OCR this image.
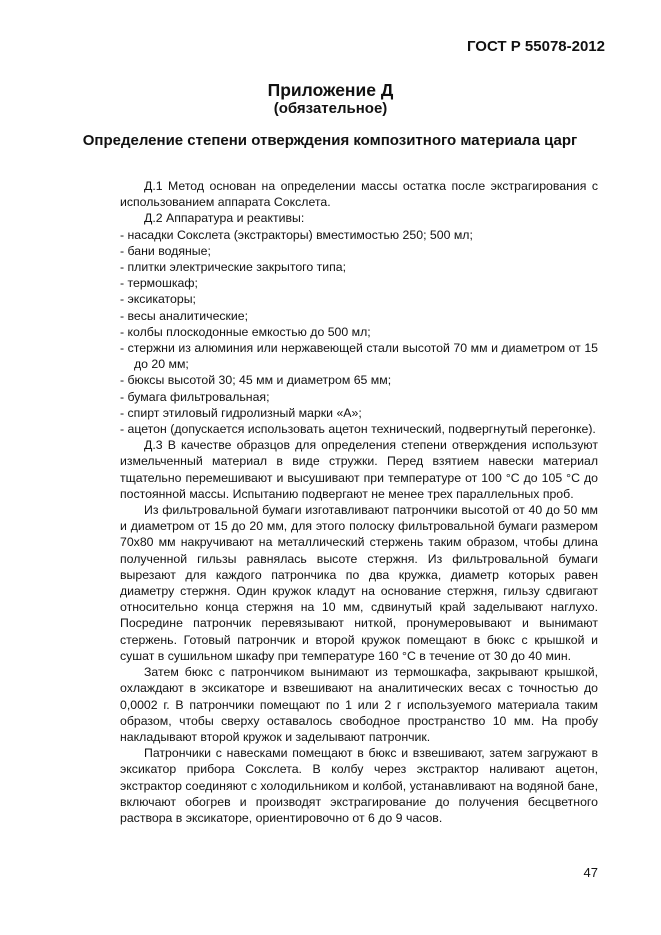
ГОСТ Р 55078-2012
Приложение Д
(обязательное)
Определение степени отверждения композитного материала царг

Д.1 Метод основан на определении массы остатка после экстрагирования с использованием аппарата Сокслета.

Д.2 Аппаратура и реактивы:

- насадки Сокслета (экстракторы) вместимостью 250; 500 мл;

- бани водяные;

- плитки электрические закрытого типа;

- термошкаф;

- эксикаторы;

- весы аналитические;

- колбы плоскодонные емкостью до 500 мл;

- стержни из алюминия или нержавеющей стали высотой 70 мм и диаметром от 15 до 20 мм;

- бюксы высотой 30; 45 мм и диаметром 65 мм;

- бумага фильтровальная;

- спирт этиловый гидролизный марки «А»;

- ацетон (допускается использовать ацетон технический, подвергнутый перегонке).

Д.3 В качестве образцов для определения степени отверждения используют измельченный материал в виде стружки. Перед взятием навески материал тщательно перемешивают и высушивают при температуре от 100 °С до 105 °С до постоянной массы. Испытанию подвергают не менее трех параллельных проб.

Из фильтровальной бумаги изготавливают патрончики высотой от 40 до 50 мм и диаметром от 15 до 20 мм, для этого полоску фильтровальной бумаги размером 70x80 мм накручивают на металлический стержень таким образом, чтобы длина полученной гильзы равнялась высоте стержня. Из фильтровальной бумаги вырезают для каждого патрончика по два кружка, диаметр которых равен диаметру стержня. Один кружок кладут на основание стержня, гильзу сдвигают относительно конца стержня на 10 мм, сдвинутый край заделывают наглухо. Посредине патрончик перевязывают ниткой, пронумеровывают и вынимают стержень. Готовый патрончик и второй кружок помещают в бюкс с крышкой и сушат в сушильном шкафу при температуре 160 °С в течение от 30 до 40 мин.

Затем бюкс с патрончиком вынимают из термошкафа, закрывают крышкой, охлаждают в эксикаторе и взвешивают на аналитических весах с точностью до 0,0002 г. В патрончики помещают по 1 или 2 г используемого материала таким образом, чтобы сверху оставалось свободное пространство 10 мм. На пробу накладывают второй кружок и заделывают патрончик.

Патрончики с навесками помещают в бюкс и взвешивают, затем загружают в эксикатор прибора Сокслета. В колбу через экстрактор наливают ацетон, экстрактор соединяют с холодильником и колбой, устанавливают на водяной бане, включают обогрев и производят экстрагирование до получения бесцветного раствора в эксикаторе, ориентировочно от 6 до 9 часов.

47
